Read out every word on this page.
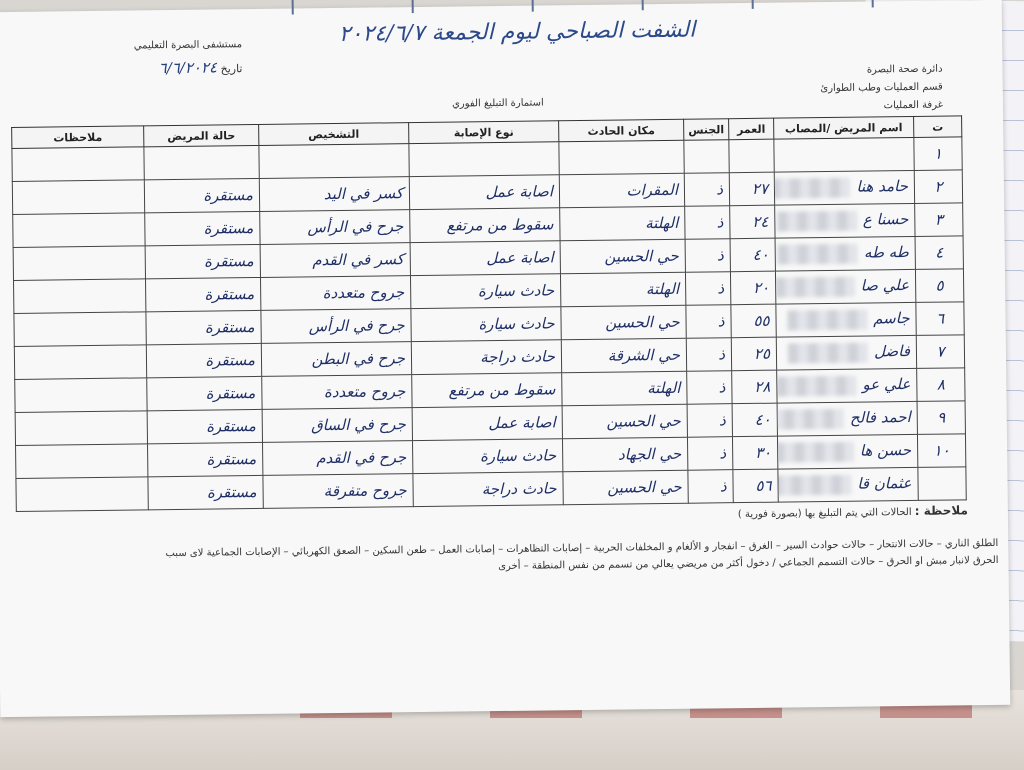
مستشفى البصرة التعليمي
تاريخ ٦/٦/٢٠٢٤
الشفت الصباحي ليوم الجمعة ٢٠٢٤/٦/٧
استمارة التبليغ الفوري
دائرة صحة البصرة
قسم العمليات وطب الطوارئ
غرفة العمليات
ت	اسم المريض /المصاب	العمر	الجنس	مكان الحادث	نوع الإصابة	التشخيص	حالة المريض	ملاحظات
١								
٢	حامد هنا	٢٧	ذ	المقرات	اصابة عمل	كسر في اليد	مستقرة	
٣	حسنا ع	٢٤	ذ	الهلتة	سقوط من مرتفع	جرح في الرأس	مستقرة	
٤	طه طه	٤٠	ذ	حي الحسين	اصابة عمل	كسر في القدم	مستقرة	
٥	علي صا	٢٠	ذ	الهلتة	حادث سيارة	جروح متعددة	مستقرة	
٦	جاسم	٥٥	ذ	حي الحسين	حادث سيارة	جرح في الرأس	مستقرة	
٧	فاضل	٢٥	ذ	حي الشرقة	حادث دراجة	جرح في البطن	مستقرة	
٨	علي عو	٢٨	ذ	الهلتة	سقوط من مرتفع	جروح متعددة	مستقرة	
٩	احمد فالح	٤٠	ذ	حي الحسين	اصابة عمل	جرح في الساق	مستقرة	
١٠	حسن ها	٣٠	ذ	حي الجهاد	حادث سيارة	جرح في القدم	مستقرة	
	عثمان قا	٥٦	ذ	حي الحسين	حادث دراجة	جروح متفرقة	مستقرة	
ملاحظة : الحالات التي يتم التبليغ بها (بصورة فورية )
الطلق الناري – حالات الانتحار – حالات حوادث السير – الغرق – انفجار و الألغام و المخلفات الحربية – إصابات التظاهرات – إصابات العمل – طعن السكين – الصعق الكهربائي – الإصابات الجماعية لاى سبب
الحرق لانبار مبش او الحرق – حالات التسمم الجماعي / دخول أكثر من مريضي يعالي من تسمم من نفس المنطقة – أخرى
